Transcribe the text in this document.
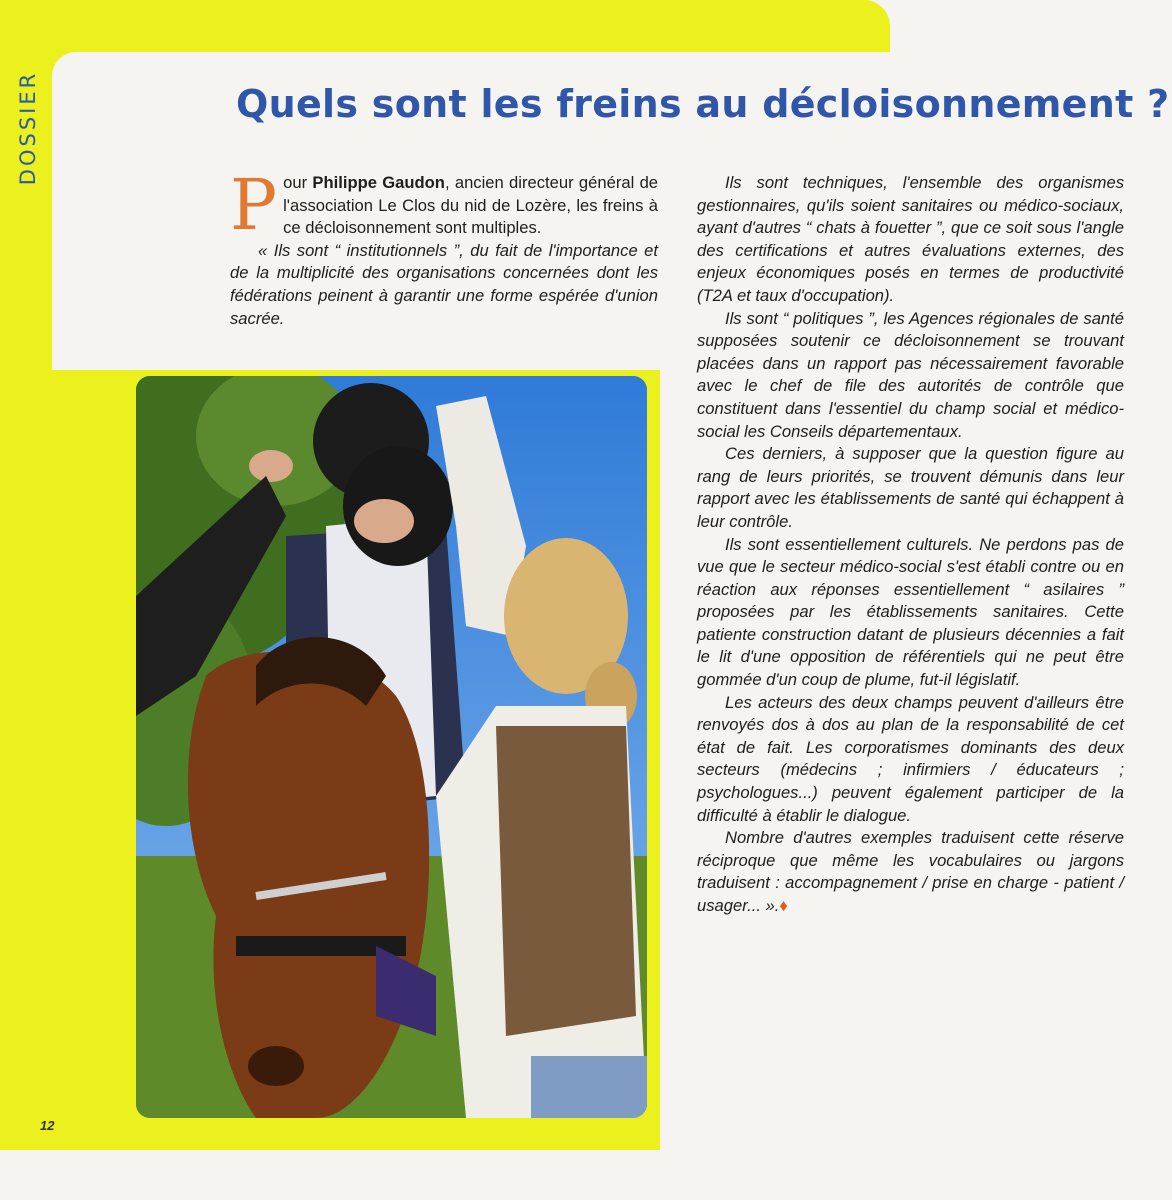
DOSSIER	Quels sont les freins au décloisonnement ?

Pour Philippe Gaudon, ancien directeur général de l'association Le Clos du nid de Lozère, les freins à ce décloisonnement sont multiples.

« Ils sont “ institutionnels ”, du fait de l'importance et de la multiplicité des organisations concernées dont les fédérations peinent à garantir une forme espérée d'union sacrée.

Ils sont techniques, l'ensemble des organismes gestionnaires, qu'ils soient sanitaires ou médico-sociaux, ayant d'autres “ chats à fouetter ”, que ce soit sous l'angle des certifications et autres évaluations externes, des enjeux économiques posés en termes de productivité (T2A et taux d'occupation).

Ils sont “ politiques ”, les Agences régionales de santé supposées soutenir ce décloisonnement se trouvant placées dans un rapport pas nécessairement favorable avec le chef de file des autorités de contrôle que constituent dans l'essentiel du champ social et médico-social les Conseils départementaux.

Ces derniers, à supposer que la question figure au rang de leurs priorités, se trouvent démunis dans leur rapport avec les établissements de santé qui échappent à leur contrôle.

Ils sont essentiellement culturels. Ne perdons pas de vue que le secteur médico-social s'est établi contre ou en réaction aux réponses essentiellement “ asilaires ” proposées par les établissements sanitaires. Cette patiente construction datant de plusieurs décennies a fait le lit d'une opposition de référentiels qui ne peut être gommée d'un coup de plume, fut-il législatif.

Les acteurs des deux champs peuvent d'ailleurs être renvoyés dos à dos au plan de la responsabilité de cet état de fait. Les corporatismes dominants des deux secteurs (médecins ; infirmiers / éducateurs ; psychologues...) peuvent également participer de la difficulté à établir le dialogue.

Nombre d'autres exemples traduisent cette réserve réciproque que même les vocabulaires ou jargons traduisent : accompagnement / prise en charge - patient / usager... ».♦

12
